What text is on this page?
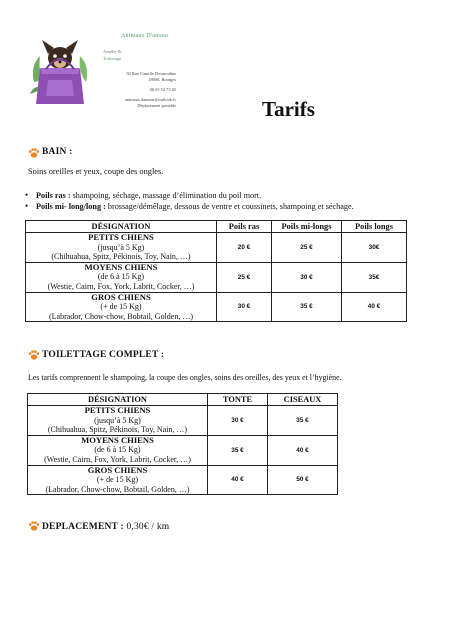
Animaux D'amour
Amélie fb
Toilettage
50 Rue Camille Desmoulins
18000, Bourges
06 65 53 73 65
animaux.damour@outlook.fr
Déplacement possible	Tarifs
BAIN :
Soins oreilles et yeux, coupe des ongles.
• Poils ras : shampoing, séchage, massage d’élimination du poil mort.
• Poils mi- long/long : brossage/démêlage, dessous de ventre et coussinets, shampoing et séchage.
DÉSIGNATION	Poils ras	Poils mi-longs	Poils longs

PETITS CHIENS
(jusqu’à 5 Kg)
(Chihuahua, Spitz, Pékinois, Toy, Nain, …)	20 €	25 €	30€

MOYENS CHIENS
(de 6 à 15 Kg)
(Westie, Cairn, Fox, York, Labrit, Cocker, …)	25 €	30 €	35€

GROS CHIENS
(+ de 15 Kg)
(Labrador, Chow-chow, Bobtail, Golden, …)	30 €	35 €	40 €
TOILETTAGE COMPLET :
Les tarifs comprennent le shampoing, la coupe des ongles, soins des oreilles, des yeux et l’hygiène.
DÉSIGNATION	TONTE	CISEAUX

PETITS CHIENS
(jusqu’à 5 Kg)
(Chihuahua, Spitz, Pékinois, Toy, Nain, …)	30 €	35 €

MOYENS CHIENS
(de 6 à 15 Kg)
(Westie, Cairn, Fox, York, Labrit, Cocker, …)	35 €	40 €

GROS CHIENS
(+ de 15 Kg)
(Labrador, Chow-chow, Bobtail, Golden, …)	40 €	50 €
DEPLACEMENT : 0,30€ / km
